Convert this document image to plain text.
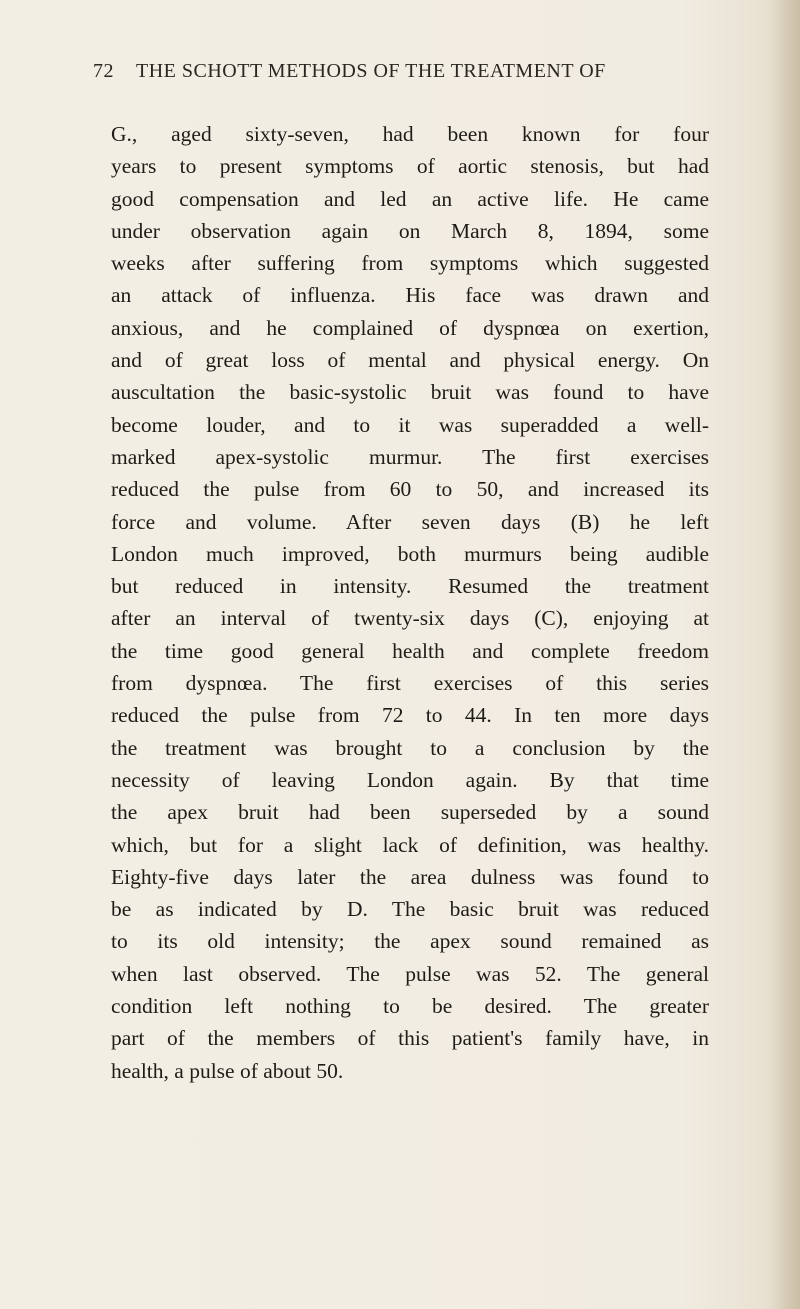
72 THE SCHOTT METHODS OF THE TREATMENT OF
G., aged sixty-seven, had been known for four
years to present symptoms of aortic stenosis, but had
good compensation and led an active life. He came
under observation again on March 8, 1894, some
weeks after suffering from symptoms which suggested
an attack of influenza. His face was drawn and
anxious, and he complained of dyspnœa on exertion,
and of great loss of mental and physical energy. On
auscultation the basic-systolic bruit was found to have
become louder, and to it was superadded a well-
marked apex-systolic murmur. The first exercises
reduced the pulse from 60 to 50, and increased its
force and volume. After seven days (B) he left
London much improved, both murmurs being audible
but reduced in intensity. Resumed the treatment
after an interval of twenty-six days (C), enjoying at
the time good general health and complete freedom
from dyspnœa. The first exercises of this series
reduced the pulse from 72 to 44. In ten more days
the treatment was brought to a conclusion by the
necessity of leaving London again. By that time
the apex bruit had been superseded by a sound
which, but for a slight lack of definition, was healthy.
Eighty-five days later the area dulness was found to
be as indicated by D. The basic bruit was reduced
to its old intensity; the apex sound remained as
when last observed. The pulse was 52. The general
condition left nothing to be desired. The greater
part of the members of this patient's family have, in
health, a pulse of about 50.
